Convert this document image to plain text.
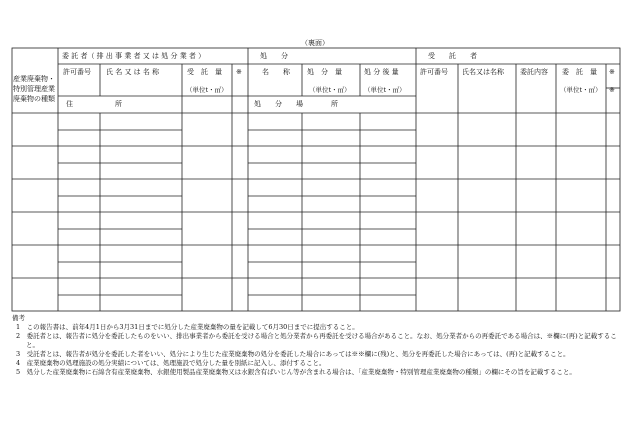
（裏面）
産業廃棄物・特別管理産業廃棄物の種類
委 託 者（ 排 出 事 業 者 又 は 処 分 業 者 ）
許可番号 氏 名 又 は 名 称
住　　　　　　所
受　託　量
（単位t・㎥）
※
処　　分
名　　称 処　分　量
（単位t・㎥）
処 分 後 量
（単位t・㎥）
処　　分　　場　　　　所
受　　託　　者
許可番号 氏名又は名称 委託内容 委　託　量
（単位t・㎥）
※
※
備考
1　この報告書は、前年4月1日から3月31日までに処分した産業廃棄物の量を記載して6月30日までに提出すること。
2　委託者とは、報告者に処分を委託したものをいい、排出事業者から委託を受ける場合と処分業者から再委託を受ける場合があること。なお、処分業者からの再委託である場合は、※欄に(再)と記載すること。
3　受託者とは、報告者が処分を委託した者をいい、処分により生じた産業廃棄物の処分を委託した場合にあっては※※欄に(残)と、処分を再委託した場合にあっては、(再)と記載すること。
4　産業廃棄物の処理施設の処分実績については、処理施設で処分した量を別紙に記入し、添付すること。
5　処分した産業廃棄物に石綿含有産業廃棄物、水銀使用製品産業廃棄物又は水銀含有ばいじん等が含まれる場合は、「産業廃棄物・特別管理産業廃棄物の種類」の欄にその旨を記載すること。
